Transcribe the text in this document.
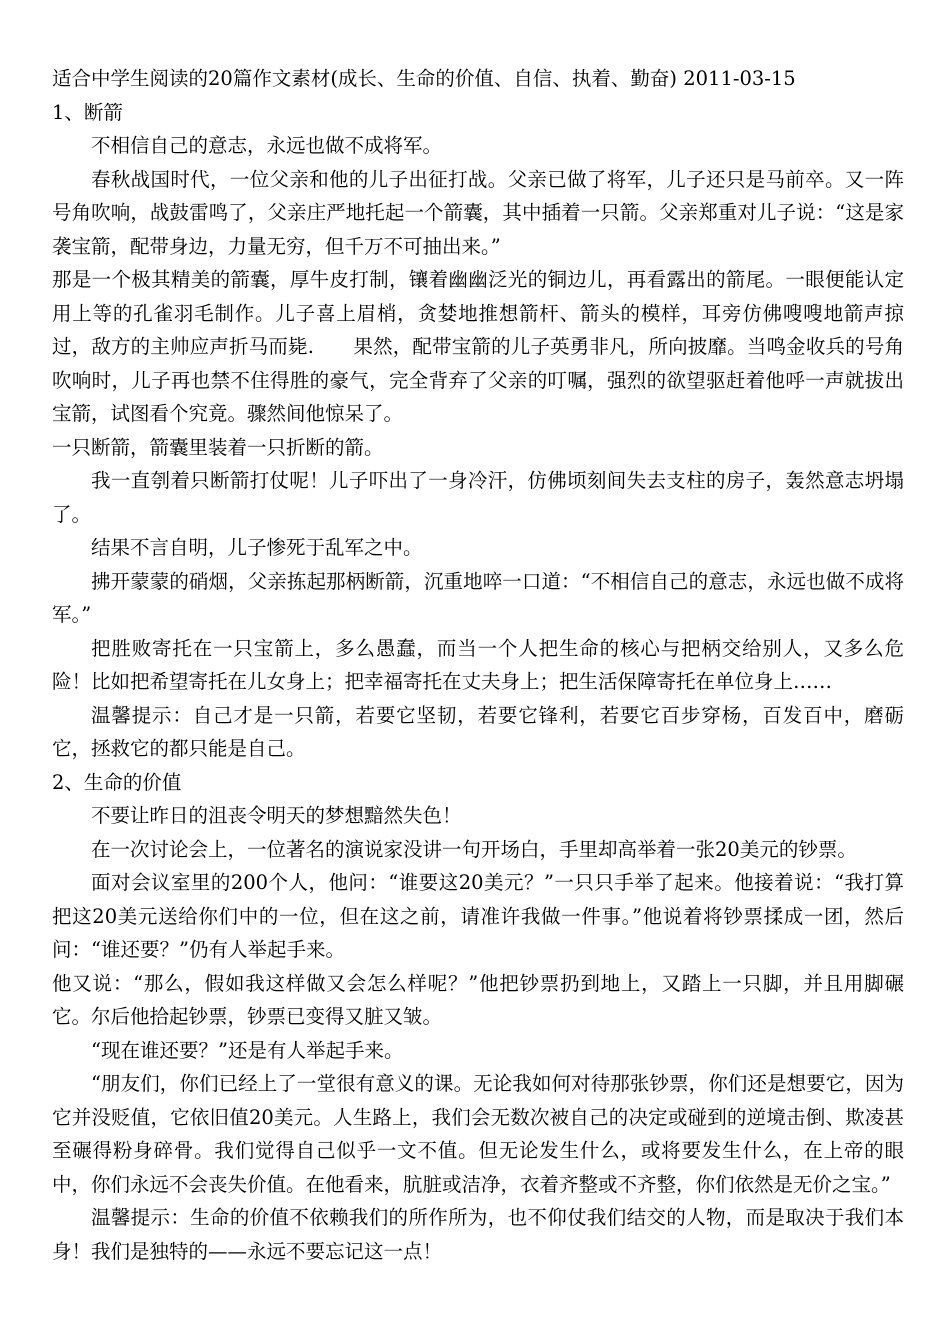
适合中学生阅读的20篇作文素材(成长、生命的价值、自信、执着、勤奋) 2011-03-15

1、断箭

不相信自己的意志，永远也做不成将军。

春秋战国时代，一位父亲和他的儿子出征打战。父亲已做了将军，儿子还只是马前卒。又一阵号角吹响，战鼓雷鸣了，父亲庄严地托起一个箭囊，其中插着一只箭。父亲郑重对儿子说：“这是家袭宝箭，配带身边，力量无穷，但千万不可抽出来。”

那是一个极其精美的箭囊，厚牛皮打制，镶着幽幽泛光的铜边儿，再看露出的箭尾。一眼便能认定用上等的孔雀羽毛制作。儿子喜上眉梢，贪婪地推想箭杆、箭头的模样，耳旁仿佛嗖嗖地箭声掠过，敌方的主帅应声折马而毙.　　果然，配带宝箭的儿子英勇非凡，所向披靡。当鸣金收兵的号角吹响时，儿子再也禁不住得胜的豪气，完全背弃了父亲的叮嘱，强烈的欲望驱赶着他呼一声就拔出宝箭，试图看个究竟。骤然间他惊呆了。

一只断箭，箭囊里装着一只折断的箭。

我一直刳着只断箭打仗呢！儿子吓出了一身冷汗，仿佛顷刻间失去支柱的房子，轰然意志坍塌了。

结果不言自明，儿子惨死于乱军之中。

拂开蒙蒙的硝烟，父亲拣起那柄断箭，沉重地啐一口道：“不相信自己的意志，永远也做不成将军。”

把胜败寄托在一只宝箭上，多么愚蠢，而当一个人把生命的核心与把柄交给别人，又多么危险！比如把希望寄托在儿女身上；把幸福寄托在丈夫身上；把生活保障寄托在单位身上……

温馨提示：自己才是一只箭，若要它坚韧，若要它锋利，若要它百步穿杨，百发百中，磨砺它，拯救它的都只能是自己。

2、生命的价值

不要让昨日的沮丧令明天的梦想黯然失色！

在一次讨论会上，一位著名的演说家没讲一句开场白，手里却高举着一张20美元的钞票。

面对会议室里的200个人，他问：“谁要这20美元？”一只只手举了起来。他接着说：“我打算把这20美元送给你们中的一位，但在这之前，请准许我做一件事。”他说着将钞票揉成一团，然后问：“谁还要？”仍有人举起手来。

他又说：“那么，假如我这样做又会怎么样呢？”他把钞票扔到地上，又踏上一只脚，并且用脚碾它。尔后他拾起钞票，钞票已变得又脏又皱。

“现在谁还要？”还是有人举起手来。

“朋友们，你们已经上了一堂很有意义的课。无论我如何对待那张钞票，你们还是想要它，因为它并没贬值，它依旧值20美元。人生路上，我们会无数次被自己的决定或碰到的逆境击倒、欺凌甚至碾得粉身碎骨。我们觉得自己似乎一文不值。但无论发生什么，或将要发生什么，在上帝的眼中，你们永远不会丧失价值。在他看来，肮脏或洁净，衣着齐整或不齐整，你们依然是无价之宝。”

温馨提示：生命的价值不依赖我们的所作所为，也不仰仗我们结交的人物，而是取决于我们本身！我们是独特的——永远不要忘记这一点！
